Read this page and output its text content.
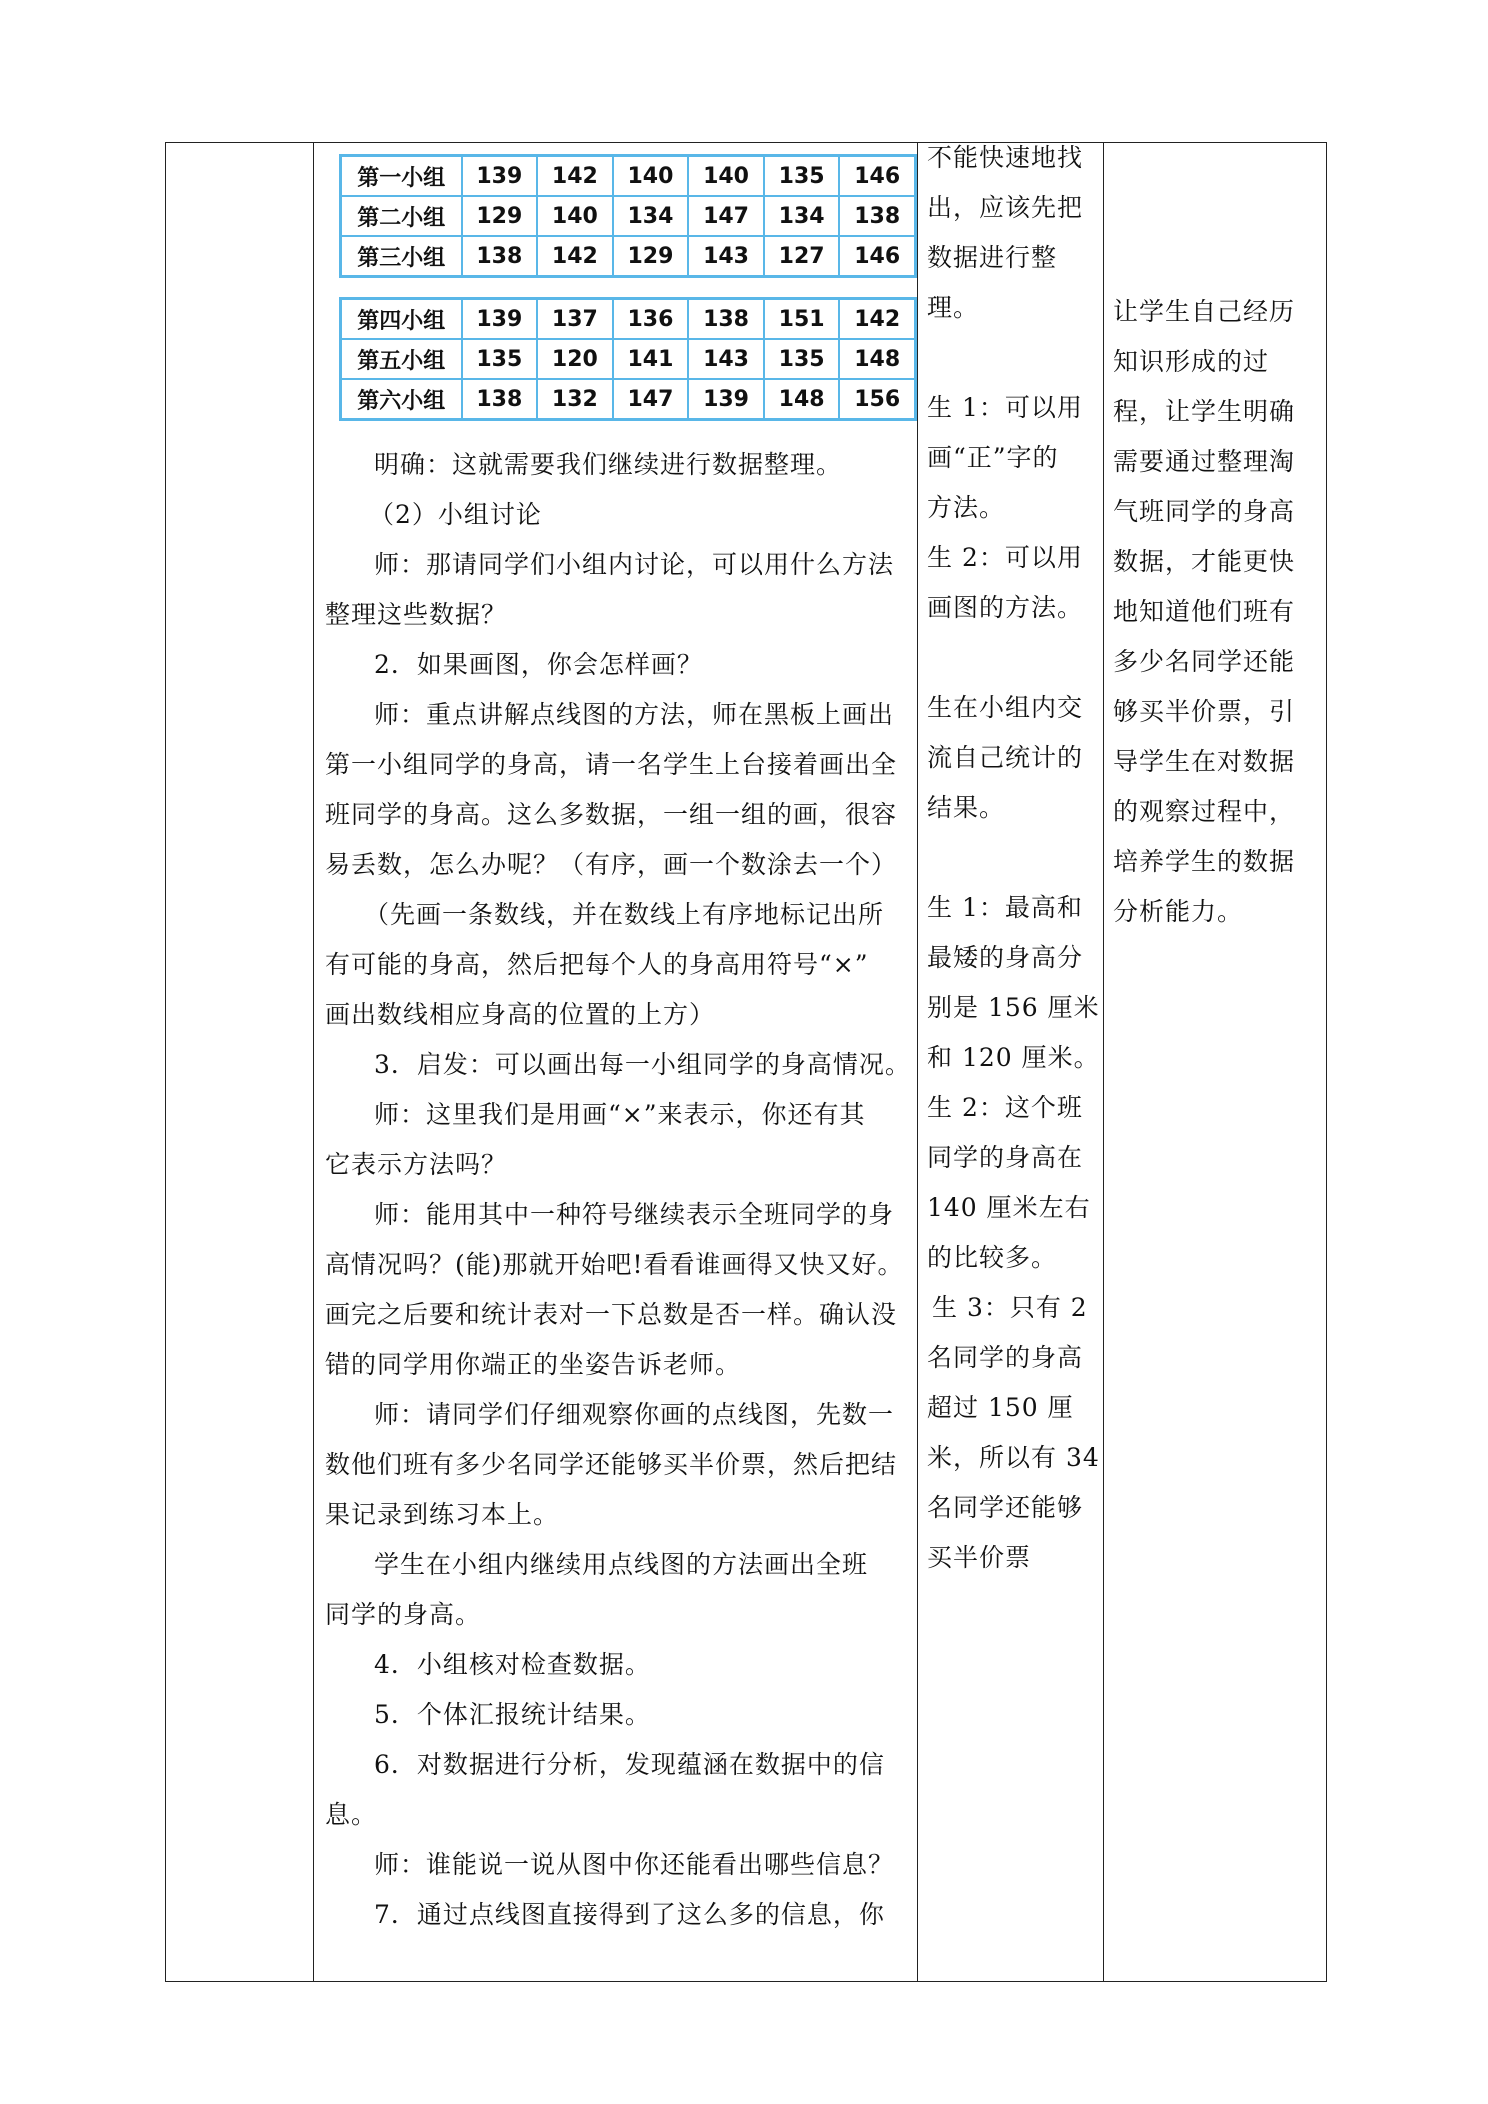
第一小组	139	142	140	140	135	146
第二小组	129	140	134	147	134	138
第三小组	138	142	129	143	127	146
第四小组	139	137	136	138	151	142
第五小组	135	120	141	143	135	148
第六小组	138	132	147	139	148	156
明确：这就需要我们继续进行数据整理。
（2）小组讨论
师：那请同学们小组内讨论，可以用什么方法
整理这些数据？
2．如果画图，你会怎样画？
师：重点讲解点线图的方法，师在黑板上画出
第一小组同学的身高，请一名学生上台接着画出全
班同学的身高。这么多数据，一组一组的画，很容
易丢数，怎么办呢？（有序，画一个数涂去一个）
（先画一条数线，并在数线上有序地标记出所
有可能的身高，然后把每个人的身高用符号“×”
画出数线相应身高的位置的上方）
3．启发：可以画出每一小组同学的身高情况。
师：这里我们是用画“×”来表示，你还有其
它表示方法吗？
师：能用其中一种符号继续表示全班同学的身
高情况吗？(能)那就开始吧!看看谁画得又快又好。
画完之后要和统计表对一下总数是否一样。确认没
错的同学用你端正的坐姿告诉老师。
师：请同学们仔细观察你画的点线图，先数一
数他们班有多少名同学还能够买半价票，然后把结
果记录到练习本上。
学生在小组内继续用点线图的方法画出全班
同学的身高。
4．小组核对检查数据。
5．个体汇报统计结果。
6．对数据进行分析，发现蕴涵在数据中的信
息。
师：谁能说一说从图中你还能看出哪些信息？
7．通过点线图直接得到了这么多的信息，你
不能快速地找
出，应该先把
数据进行整
理。
生 1：可以用
画“正”字的
方法。
生 2：可以用
画图的方法。
生在小组内交
流自己统计的
结果。
生 1：最高和
最矮的身高分
别是 156 厘米
和 120 厘米。
生 2：这个班
同学的身高在
140 厘米左右
的比较多。
生 3：只有 2
名同学的身高
超过 150 厘
米，所以有 34
名同学还能够
买半价票
让学生自己经历
知识形成的过
程，让学生明确
需要通过整理淘
气班同学的身高
数据，才能更快
地知道他们班有
多少名同学还能
够买半价票，引
导学生在对数据
的观察过程中，
培养学生的数据
分析能力。
